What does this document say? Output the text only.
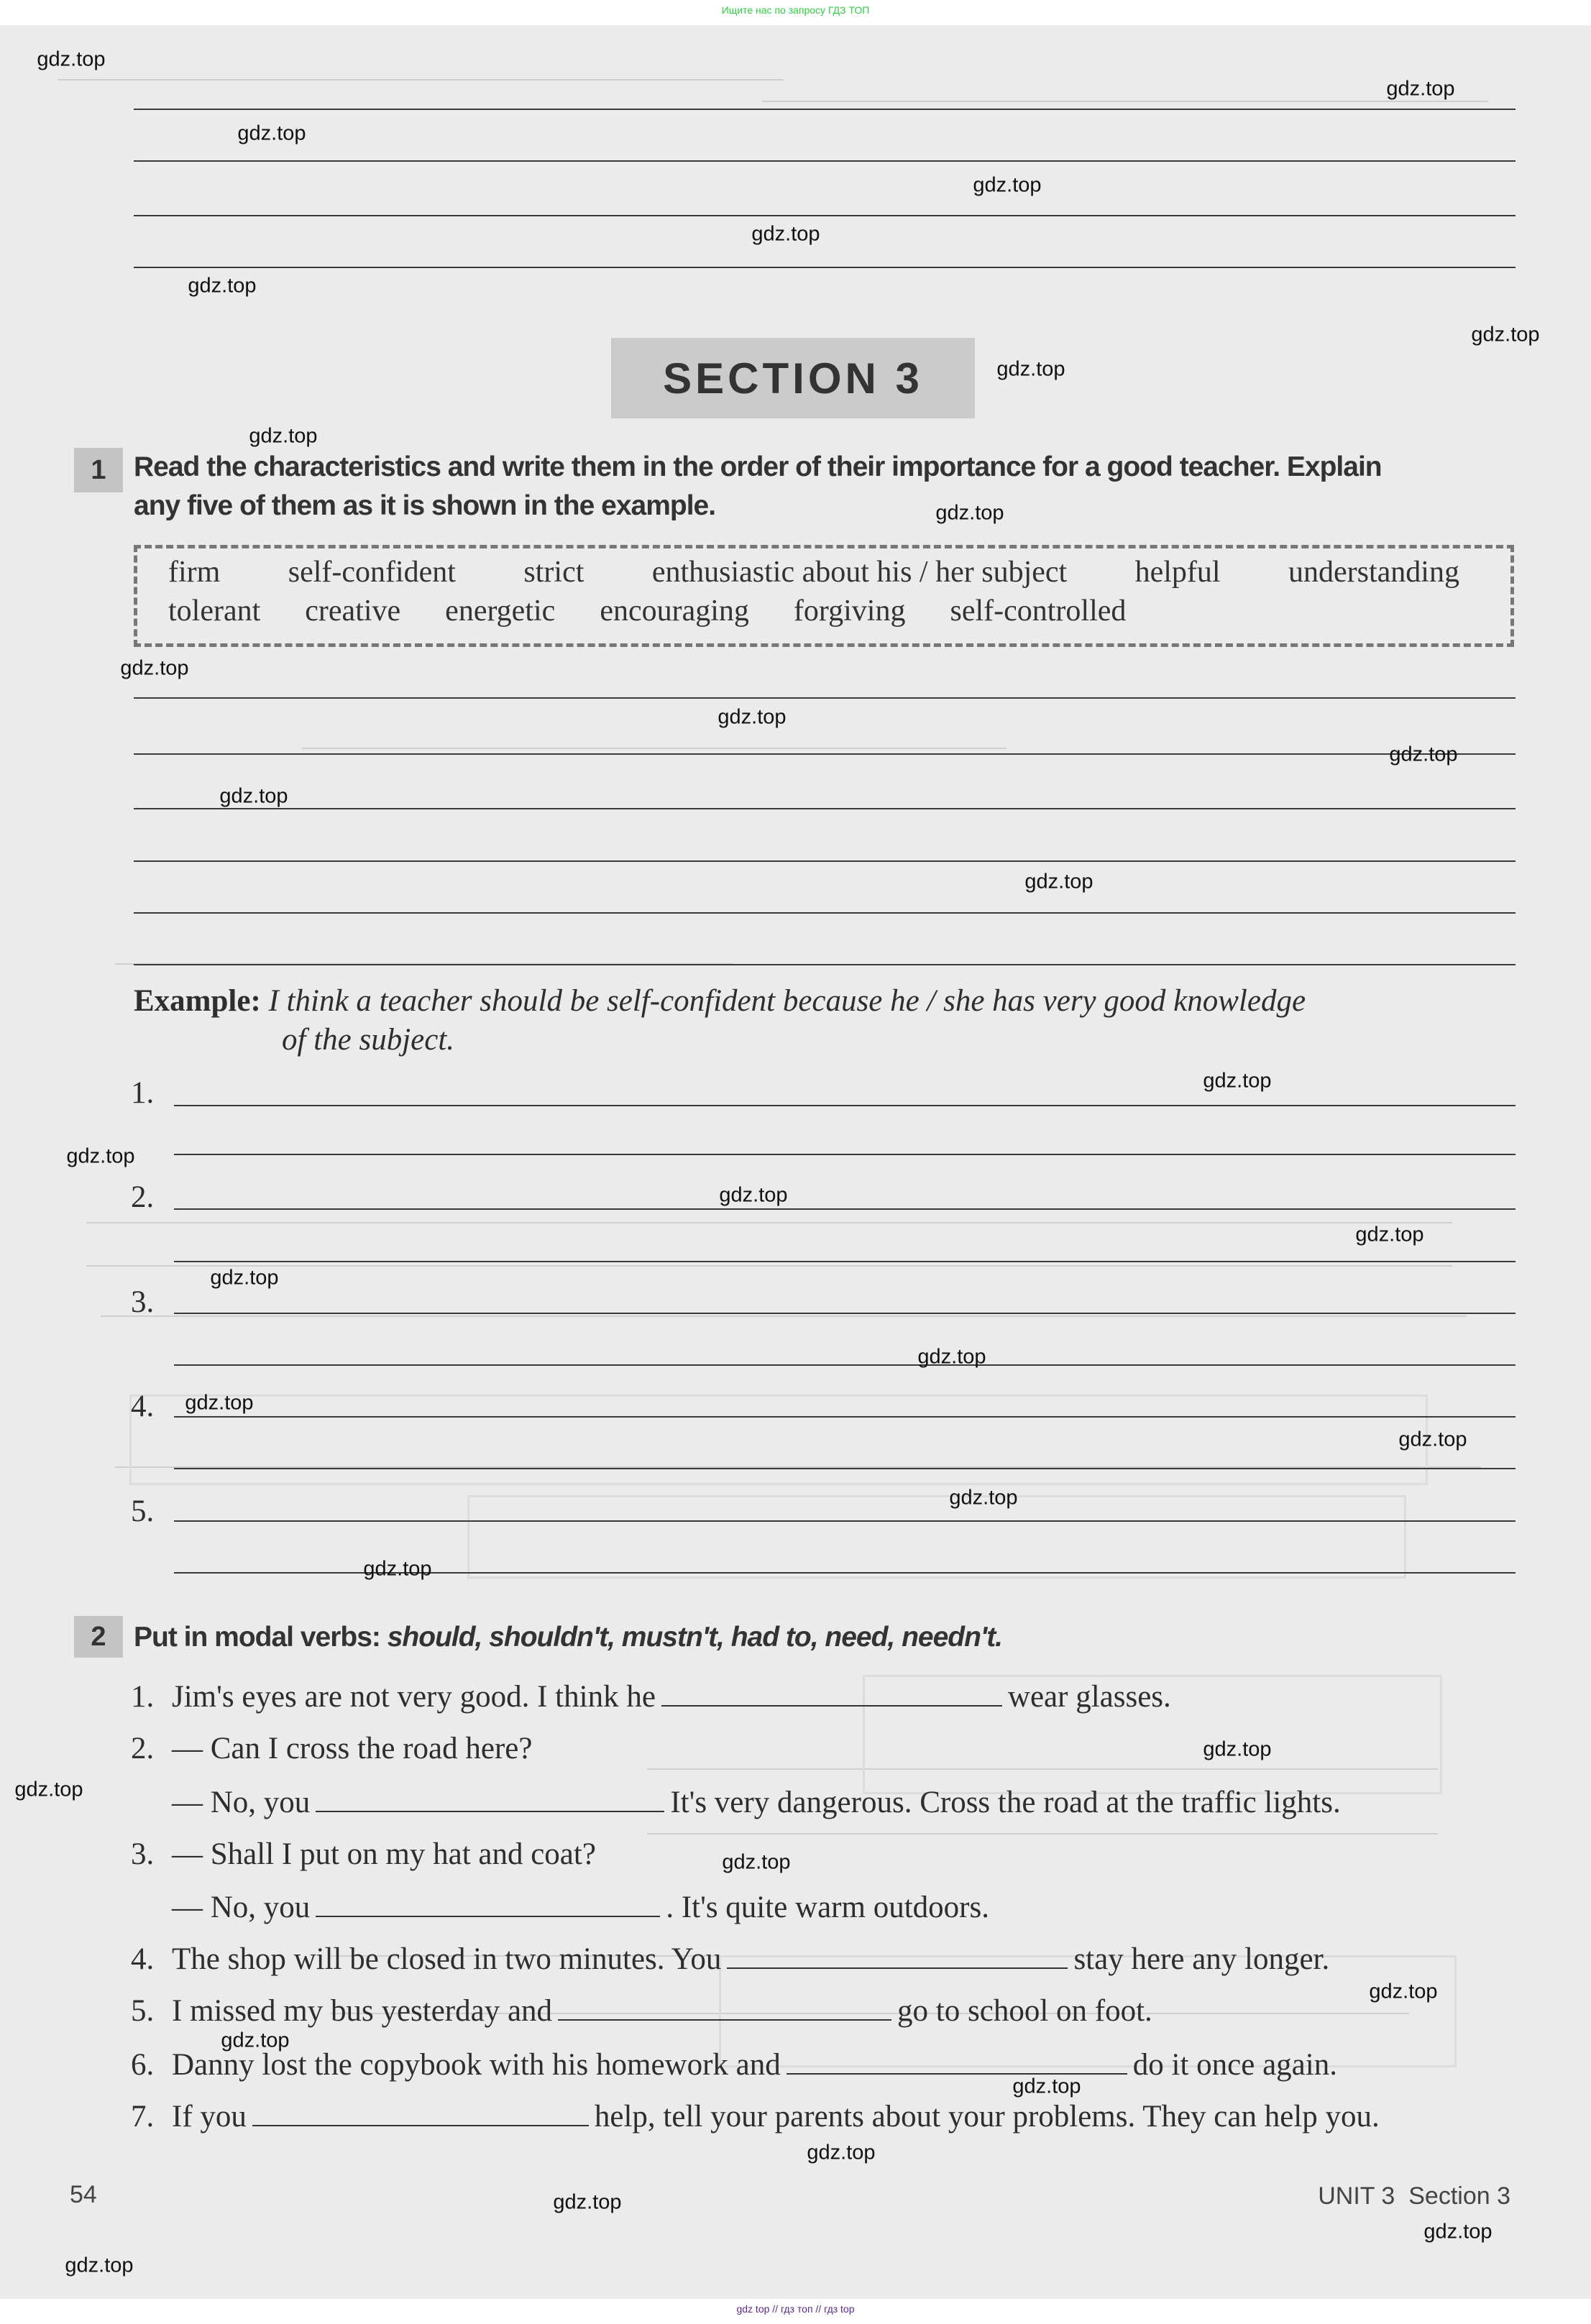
Ищите нас по запросу ГДЗ ТОП
SECTION 3
1 Read the characteristics and write them in the order of their importance for a good teacher. Explain
any five of them as it is shown in the example.
firm self-confident strict enthusiastic about his / her subject helpful understanding
tolerant creative energetic encouraging forgiving self-controlled
Example: I think a teacher should be self-confident because he / she has very good knowledge
of the subject.
1.
2.
3.
4.
5.
2 Put in modal verbs: should, shouldn't, mustn't, had to, need, needn't.
1. Jim's eyes are not very good. I think he	wear glasses.
2. — Can I cross the road here?
— No, you	It's very dangerous. Cross the road at the traffic lights.
3. — Shall I put on my hat and coat?
— No, you	. It's quite warm outdoors.
4. The shop will be closed in two minutes. You	stay here any longer.
5. I missed my bus yesterday and	go to school on foot.
6. Danny lost the copybook with his homework and	do it once again.
7. If you	help, tell your parents about your problems. They can help you.
54	UNIT 3 Section 3
gdz top // гдз топ // гдз top
gdz.top
gdz.top
gdz.top
gdz.top
gdz.top
gdz.top
gdz.top
gdz.top
gdz.top
gdz.top
gdz.top
gdz.top
gdz.top
gdz.top
gdz.top
gdz.top
gdz.top
gdz.top
gdz.top
gdz.top
gdz.top
gdz.top
gdz.top
gdz.top
gdz.top
gdz.top
gdz.top
gdz.top
gdz.top
gdz.top
gdz.top
gdz.top
gdz.top
gdz.top
gdz.top
